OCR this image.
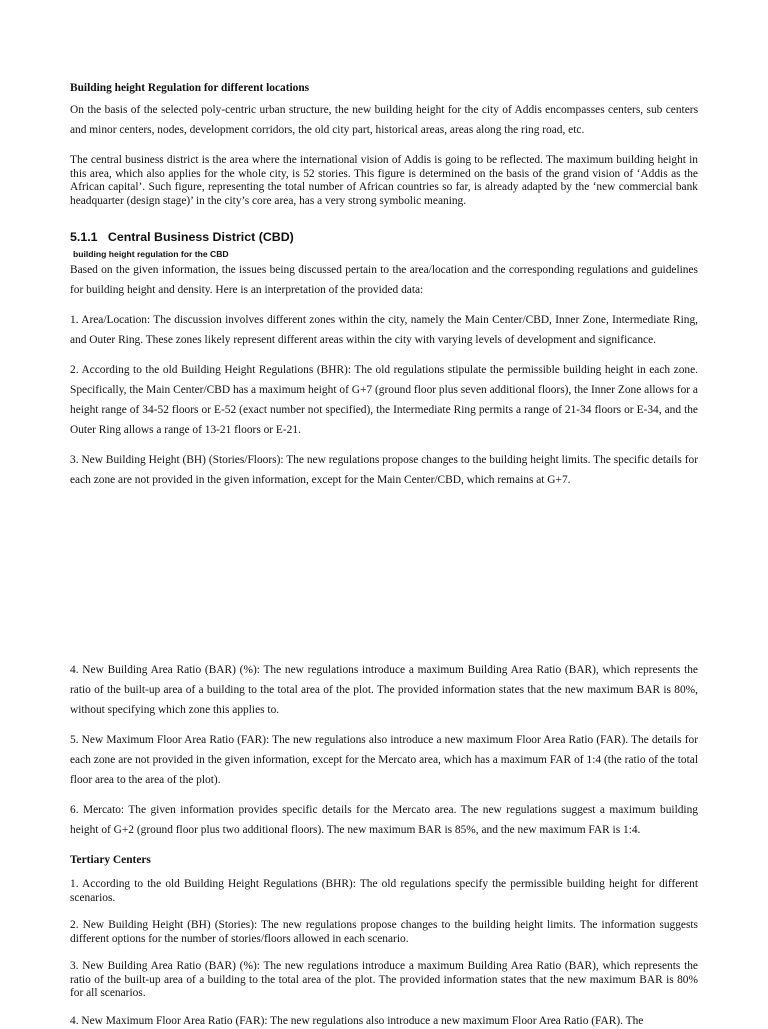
Building height Regulation for different locations

On the basis of the selected poly-centric urban structure, the new building height for the city of Addis encompasses centers, sub centers and minor centers, nodes, development corridors, the old city part, historical areas, areas along the ring road, etc.

The central business district is the area where the international vision of Addis is going to be reflected. The maximum building height in this area, which also applies for the whole city, is 52 stories. This figure is determined on the basis of the grand vision of ‘Addis as the African capital’. Such figure, representing the total number of African countries so far, is already adapted by the ‘new commercial bank headquarter (design stage)’ in the city’s core area, has a very strong symbolic meaning.

5.1.1 Central Business District (CBD)
building height regulation for the CBD

Based on the given information, the issues being discussed pertain to the area/location and the corresponding regulations and guidelines for building height and density. Here is an interpretation of the provided data:

1. Area/Location: The discussion involves different zones within the city, namely the Main Center/CBD, Inner Zone, Intermediate Ring, and Outer Ring. These zones likely represent different areas within the city with varying levels of development and significance.

2. According to the old Building Height Regulations (BHR): The old regulations stipulate the permissible building height in each zone. Specifically, the Main Center/CBD has a maximum height of G+7 (ground floor plus seven additional floors), the Inner Zone allows for a height range of 34-52 floors or E-52 (exact number not specified), the Intermediate Ring permits a range of 21-34 floors or E-34, and the Outer Ring allows a range of 13-21 floors or E-21.

3. New Building Height (BH) (Stories/Floors): The new regulations propose changes to the building height limits. The specific details for each zone are not provided in the given information, except for the Main Center/CBD, which remains at G+7.

4. New Building Area Ratio (BAR) (%): The new regulations introduce a maximum Building Area Ratio (BAR), which represents the ratio of the built-up area of a building to the total area of the plot. The provided information states that the new maximum BAR is 80%, without specifying which zone this applies to.

5. New Maximum Floor Area Ratio (FAR): The new regulations also introduce a new maximum Floor Area Ratio (FAR). The details for each zone are not provided in the given information, except for the Mercato area, which has a maximum FAR of 1:4 (the ratio of the total floor area to the area of the plot).

6. Mercato: The given information provides specific details for the Mercato area. The new regulations suggest a maximum building height of G+2 (ground floor plus two additional floors). The new maximum BAR is 85%, and the new maximum FAR is 1:4.

Tertiary Centers

1. According to the old Building Height Regulations (BHR): The old regulations specify the permissible building height for different scenarios.

2. New Building Height (BH) (Stories): The new regulations propose changes to the building height limits. The information suggests different options for the number of stories/floors allowed in each scenario.

3. New Building Area Ratio (BAR) (%): The new regulations introduce a maximum Building Area Ratio (BAR), which represents the ratio of the built-up area of a building to the total area of the plot. The provided information states that the new maximum BAR is 80% for all scenarios.

4. New Maximum Floor Area Ratio (FAR): The new regulations also introduce a new maximum Floor Area Ratio (FAR). The
